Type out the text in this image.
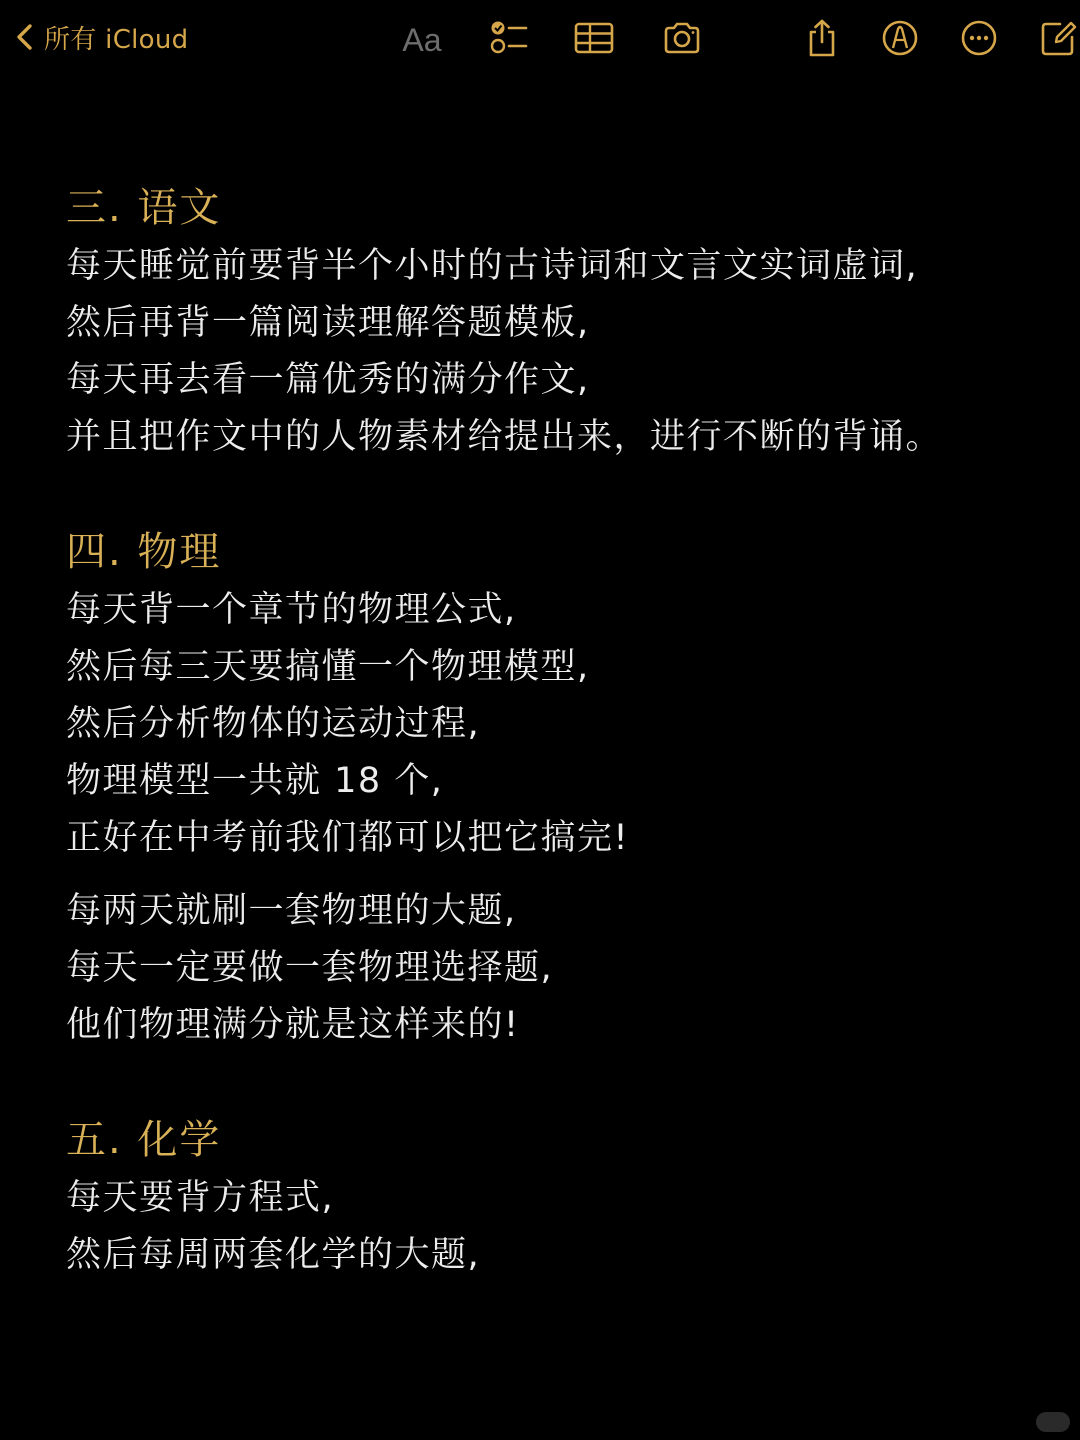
所有 iCloud	Aa
三. 语文
每天睡觉前要背半个小时的古诗词和文言文实词虚词,
然后再背一篇阅读理解答题模板,
每天再去看一篇优秀的满分作文,
并且把作文中的人物素材给提出来，进行不断的背诵。
四. 物理
每天背一个章节的物理公式,
然后每三天要搞懂一个物理模型,
然后分析物体的运动过程,
物理模型一共就 18 个,
正好在中考前我们都可以把它搞完!
每两天就刷一套物理的大题,
每天一定要做一套物理选择题,
他们物理满分就是这样来的!
五. 化学
每天要背方程式,
然后每周两套化学的大题,
